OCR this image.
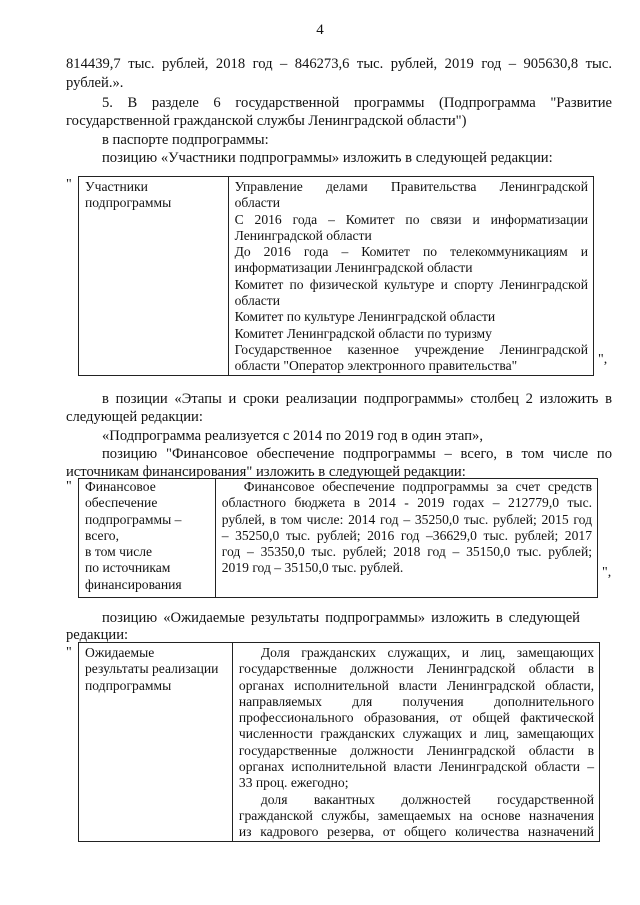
4

814439,7 тыс. рублей, 2018 год – 846273,6 тыс. рублей, 2019 год – 905630,8 тыс.

рублей.».

5. В разделе 6 государственной программы (Подпрограмма "Развитие

государственной гражданской службы Ленинградской области")

в паспорте подпрограммы:

позицию «Участники подпрограммы» изложить в следующей редакции:

" Участники
подпрограммы

Управление делами Правительства Ленинградской
области
С 2016 года – Комитет по связи и информатизации
Ленинградской области
До 2016 года – Комитет по телекоммуникациям и
информатизации Ленинградской области
Комитет по физической культуре и спорту Ленинградской
области
Комитет по культуре Ленинградской области
Комитет Ленинградской области по туризму
Государственное казенное учреждение Ленинградской
области "Оператор электронного правительства"	",

в позиции «Этапы и сроки реализации подпрограммы» столбец 2 изложить в

следующей редакции:

«Подпрограмма реализуется с 2014 по 2019 год в один этап»,

позицию "Финансовое обеспечение подпрограммы – всего, в том числе по

источникам финансирования" изложить в следующей редакции:

" Финансовое
обеспечение
подпрограммы –
всего,
в том числе
по источникам
финансирования

Финансовое обеспечение подпрограммы за счет средств
областного бюджета в 2014 - 2019 годах – 212779,0 тыс.
рублей, в том числе: 2014 год – 35250,0 тыс. рублей; 2015 год
– 35250,0 тыс. рублей; 2016 год –36629,0 тыс. рублей; 2017
год – 35350,0 тыс. рублей; 2018 год – 35150,0 тыс. рублей;
2019 год – 35150,0 тыс. рублей.	",

позицию «Ожидаемые результаты подпрограммы» изложить в следующей

редакции:

" Ожидаемые
результаты реализации
подпрограммы

Доля гражданских служащих, и лиц, замещающих
государственные должности Ленинградской области в
органах исполнительной власти Ленинградской области,
направляемых для получения дополнительного
профессионального образования, от общей фактической
численности гражданских служащих и лиц, замещающих
государственные должности Ленинградской области в
органах исполнительной власти Ленинградской области –
33 проц. ежегодно;
доля вакантных должностей государственной
гражданской службы, замещаемых на основе назначения
из кадрового резерва, от общего количества назначений
